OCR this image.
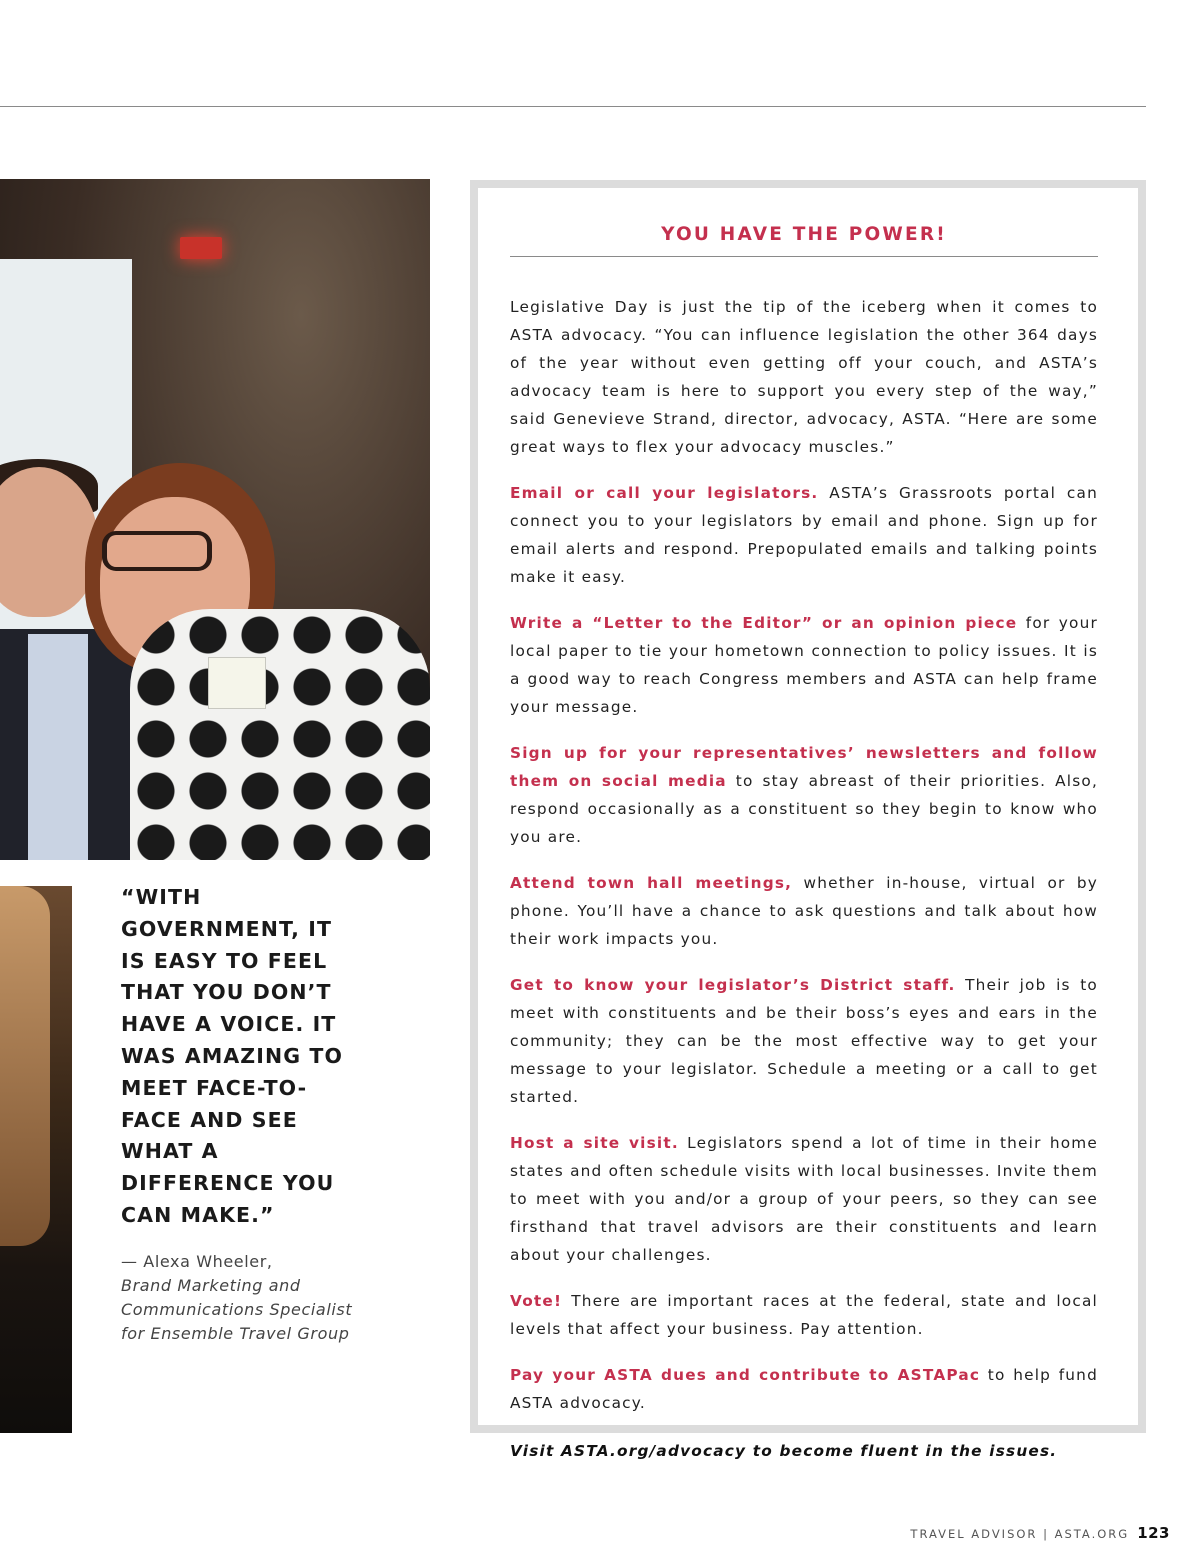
“WITH GOVERNMENT, IT IS EASY TO FEEL THAT YOU DON’T HAVE A VOICE. IT WAS AMAZING TO MEET FACE-TO-FACE AND SEE WHAT A DIFFERENCE YOU CAN MAKE.”

— Alexa Wheeler,
Brand Marketing and Communications Specialist for Ensemble Travel Group
YOU HAVE THE POWER!

Legislative Day is just the tip of the iceberg when it comes to ASTA advocacy. “You can influence legislation the other 364 days of the year without even getting off your couch, and ASTA’s advocacy team is here to support you every step of the way,” said Genevieve Strand, director, advocacy, ASTA. “Here are some great ways to flex your advocacy muscles.”

Email or call your legislators. ASTA’s Grassroots portal can connect you to your legislators by email and phone. Sign up for email alerts and respond. Prepopulated emails and talking points make it easy.

Write a “Letter to the Editor” or an opinion piece for your local paper to tie your hometown connection to policy issues. It is a good way to reach Congress members and ASTA can help frame your message.

Sign up for your representatives’ newsletters and follow them on social media to stay abreast of their priorities. Also, respond occasionally as a constituent so they begin to know who you are.

Attend town hall meetings, whether in-house, virtual or by phone. You’ll have a chance to ask questions and talk about how their work impacts you.

Get to know your legislator’s District staff. Their job is to meet with constituents and be their boss’s eyes and ears in the community; they can be the most effective way to get your message to your legislator. Schedule a meeting or a call to get started.

Host a site visit. Legislators spend a lot of time in their home states and often schedule visits with local businesses. Invite them to meet with you and/or a group of your peers, so they can see firsthand that travel advisors are their constituents and learn about your challenges.

Vote! There are important races at the federal, state and local levels that affect your business. Pay attention.

Pay your ASTA dues and contribute to ASTAPac to help fund ASTA advocacy.

Visit ASTA.org/advocacy to become fluent in the issues.

TRAVEL ADVISOR | ASTA.ORG 123
